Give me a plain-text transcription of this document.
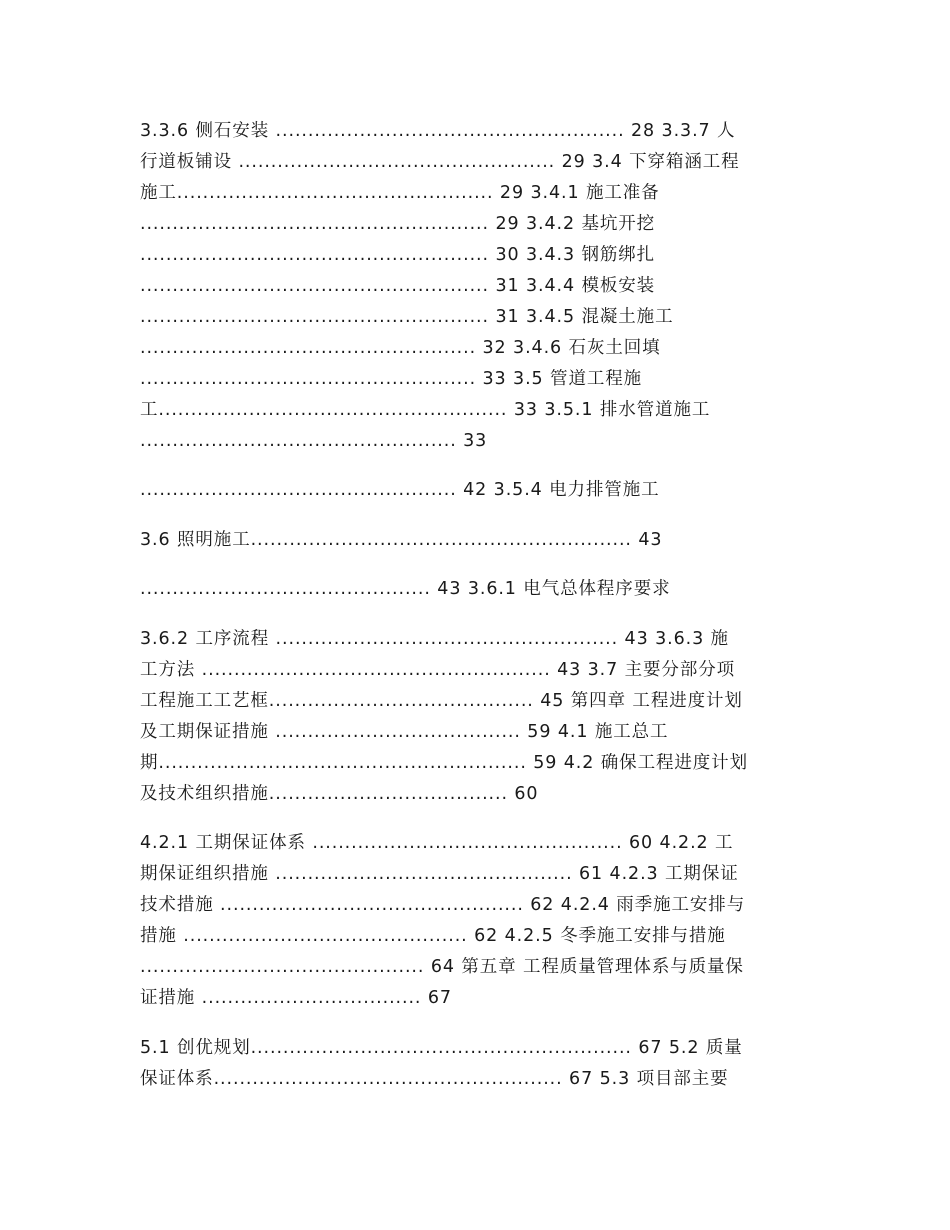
3.3.6 侧石安装 ...................................................... 28 3.3.7 人
行道板铺设 ................................................. 29 3.4 下穿箱涵工程
施工................................................. 29 3.4.1 施工准备
...................................................... 29 3.4.2 基坑开挖
...................................................... 30 3.4.3 钢筋绑扎
...................................................... 31 3.4.4 模板安装
...................................................... 31 3.4.5 混凝土施工
.................................................... 32 3.4.6 石灰土回填
.................................................... 33 3.5 管道工程施
工...................................................... 33 3.5.1 排水管道施工
................................................. 33
................................................. 42 3.5.4 电力排管施工
3.6 照明施工........................................................... 43
............................................. 43 3.6.1 电气总体程序要求
3.6.2 工序流程 ..................................................... 43 3.6.3 施
工方法 ...................................................... 43 3.7 主要分部分项
工程施工工艺框......................................... 45 第四章 工程进度计划
及工期保证措施 ...................................... 59 4.1 施工总工
期......................................................... 59 4.2 确保工程进度计划
及技术组织措施..................................... 60
4.2.1 工期保证体系 ................................................ 60 4.2.2 工
期保证组织措施 .............................................. 61 4.2.3 工期保证
技术措施 ............................................... 62 4.2.4 雨季施工安排与
措施 ............................................ 62 4.2.5 冬季施工安排与措施
............................................ 64 第五章 工程质量管理体系与质量保
证措施 .................................. 67
5.1 创优规划........................................................... 67 5.2 质量
保证体系...................................................... 67 5.3 项目部主要
